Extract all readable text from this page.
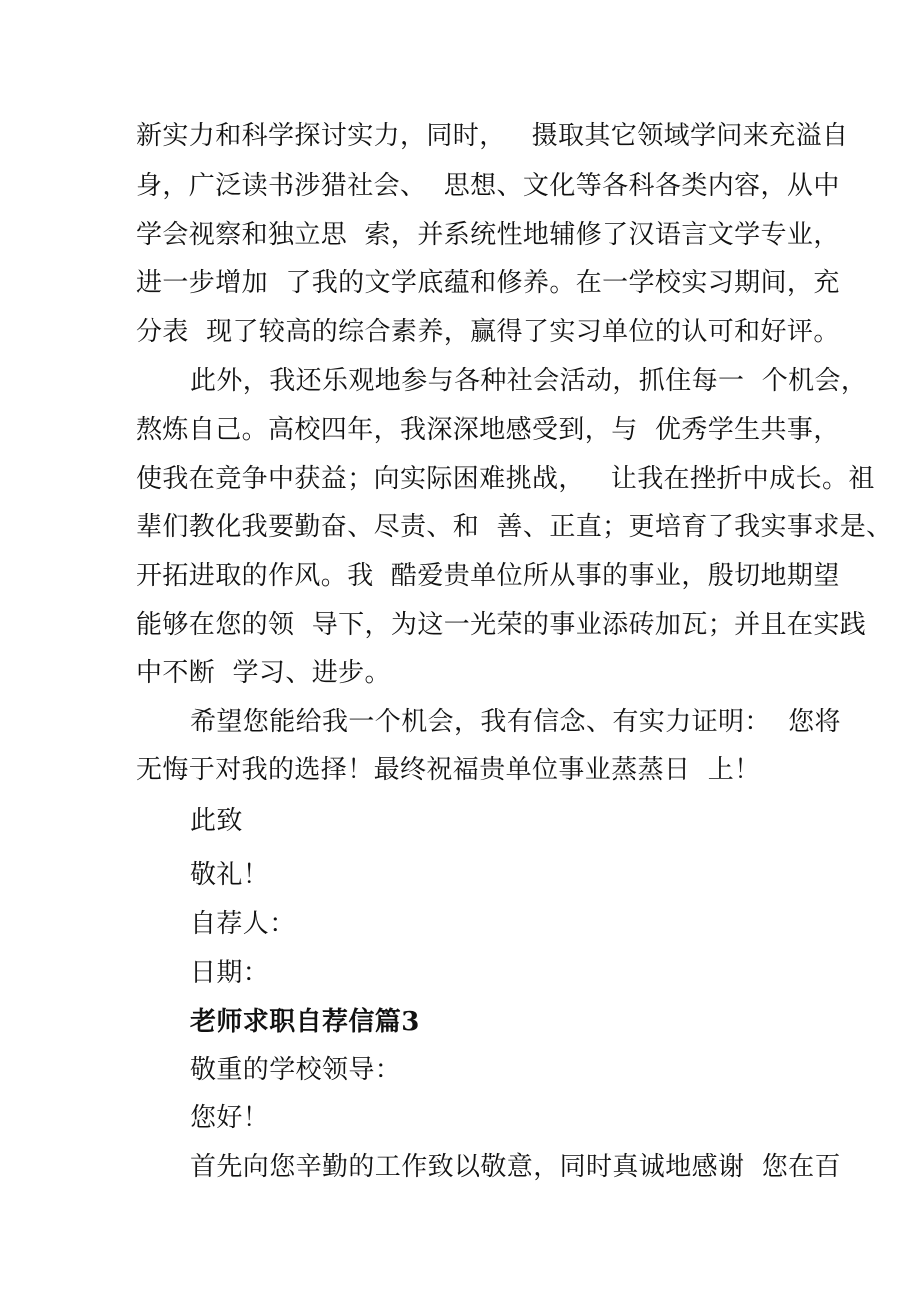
新实力和科学探讨实力，同时，   摄取其它领域学问来充溢自
身，广泛读书涉猎社会、  思想、文化等各科各类内容，从中
学会视察和独立思  索，并系统性地辅修了汉语言文学专业，
进一步增加  了我的文学底蕴和修养。在一学校实习期间，充
分表  现了较高的综合素养，赢得了实习单位的认可和好评。
此外，我还乐观地参与各种社会活动，抓住每一  个机会，
熬炼自己。高校四年，我深深地感受到，与  优秀学生共事，
使我在竞争中获益；向实际困难挑战，   让我在挫折中成长。祖
辈们教化我要勤奋、尽责、和  善、正直；更培育了我实事求是、
开拓进取的作风。我  酷爱贵单位所从事的事业，殷切地期望
能够在您的领  导下，为这一光荣的事业添砖加瓦；并且在实践
中不断  学习、进步。
希望您能给我一个机会，我有信念、有实力证明：  您将
无悔于对我的选择！最终祝福贵单位事业蒸蒸日  上！
此致
敬礼！
自荐人：
日期：
老师求职自荐信篇3
敬重的学校领导：
您好！
首先向您辛勤的工作致以敬意，同时真诚地感谢  您在百
